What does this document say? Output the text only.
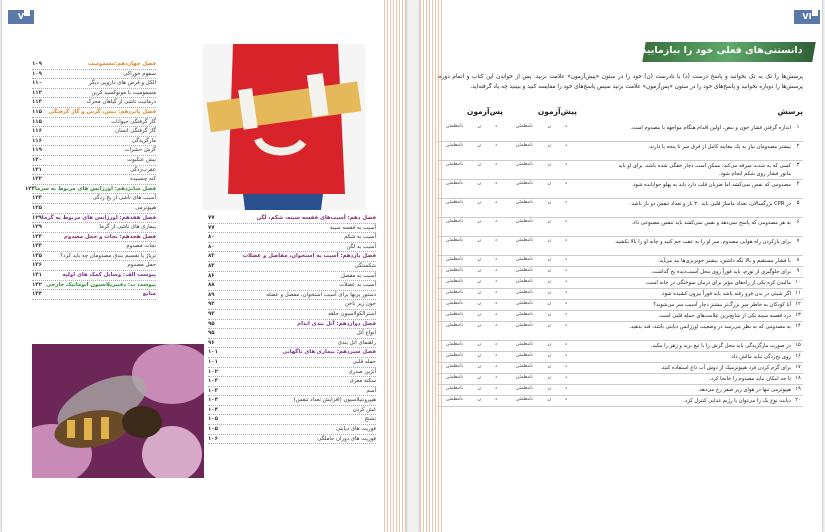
V
فصل چهاردهم:مسمومیت
۱۰۹
سموم خوراکی
۱۰۹
الکل و قرص های دارویی دیگر
۱۱۰
مسمومیت با مونوکسید کربن
۱۱۲
درماتیت ناشی از گیاهان محرک
۱۱۳
فصل پانزدهم: نیش، گزش و گاز گرفتگی
۱۱۵
گاز گرفتگی حیوانات
۱۱۵
گاز گرفتگی انسان
۱۱۶
مارگزیدگی
۱۱۶
گزش حشرات
۱۱۹
نیش عنکبوت
۱۲۰
عقرب‌زدگی
۱۲۱
کنه چسبیده
۱۲۲
فصل شانزدهم: اورژانس های مربوط به سرما
۱۲۳
آسیب های ناشی از یخ زدگی
۱۲۳
هیپوترمی
۱۲۵
فصل هفدهم: اورژانس های مربوط به گرما
۱۲۹
بیماری های ناشی از گرما
۱۲۹
فصل هجدهم: نجات و حمل مصدوم
۱۳۳
نجات مصدوم
۱۳۳
تریاژ یا تقسیم بندی مصدومان چه باید کرد؟
۱۳۵
حمل مصدوم
۱۳۶
پیوست الف: وسایل کمک های اولیه
۱۴۱
پیوست ب: دفیبریلاسیون اتوماتیک خارجی
۱۴۲
منابع
۱۴۴
فصل دهم: آسیب‌های قفسه سینه، شکم، لگن
۷۷
آسیب به قفسه سینه
۷۷
آسیب به شکم
۸۰
آسیب به لگن
۸۰
فصل یازدهم: آسیب به استخوان، مفاصل و عضلات
۸۳
شکستگی
۸۳
آسیب به مفصل
۸۶
آسیب به عضلات
۸۸
دستور پریها برای آسیب استخوان، مفصل و عضله
۸۹
خون زیر ناخن
۹۲
استرالکولاسیون حلقه
۹۳
فصل دوازدهم: آتل بندی اندام
۹۵
انواع آتل
۹۵
راهنمای آتل بندی
۹۶
فصل سیزدهم: بیماری های ناگهانی
۱۰۱
حمله قلبی
۱۰۱
آنژین صدری
۱۰۲
سکته مغزی
۱۰۳
آسم
۱۰۳
هیپرونتیلاسیون (افزایش تعداد تنفس)
۱۰۴
غش کردن
۱۰۴
تشنج
۱۰۵
فوریت های دیابتی
۱۰۵
فوریت های دوران حاملگی
۱۰۶
VI
دانستنی‌های فعلی خود را بیازمایید
پرسش‌ها را تک به تک بخوانید و پاسخ درست (د) یا نادرست (ن) خود را در ستون «پیش‌آزمون» علامت بزنید. پس از خواندن این کتاب و اتمام دوره، پرسش‌ها را دوباره بخوانید و پاسخ‌های خود را در ستون «پس‌آزمون» علامت بزنید سپس پاسخ‌های خود را مقایسه کنید و ببینید چه یاد گرفته‌اید.
پرسش
پیش‌آزمون
پس‌آزمون
۱
اندازه گرفتن فشار خون و نبض، اولین اقدام هنگام مواجهه با مصدوم است.
د
ن
نامطمئن
د
ن
نامطمئن
۲
بیشتر مصدومان نیاز به یک معاینه کامل از فرق سر تا پنجه پا دارند.
د
ن
نامطمئن
د
ن
نامطمئن
۳
کسی که به شدت سرفه می‌کند، ممکن است دچار خفگی شده باشد، برای او باید مانور فشار روی شکم انجام شود.
د
ن
نامطمئن
د
ن
نامطمئن
۴
مصدومی که نفس نمی‌کشد اما ضربان قلب دارد باید به پهلو خوابانده شود.
د
ن
نامطمئن
د
ن
نامطمئن
۵
در CPR بزرگسالان، تعداد ماساژ قلبی باید ۳۰ بار و تعداد تنفس دو بار باشد.
د
ن
نامطمئن
د
ن
نامطمئن
۶
به هر مصدومی که پاسخ نمی‌دهد و نفس نمی‌کشد باید تنفس مصنوعی داد.
د
ن
نامطمئن
د
ن
نامطمئن
۷
برای بازکردن راه هوایی مصدوم، سر او را به عقب خم کنید و چانه او را بالا بکشید.
د
ن
نامطمئن
د
ن
نامطمئن
۸
با فشار مستقیم و بالا نگه داشتن، بیشتر خونریزی‌ها بند می‌آید.
د
ن
نامطمئن
د
ن
نامطمئن
۹
برای جلوگیری از تورم، باید فوراً روی محل آسیب‌دیده یخ گذاشت.
د
ن
نامطمئن
د
ن
نامطمئن
۱۰
مالیدن کره یکی از راه‌های مؤثر برای درمان سوختگی در خانه است.
د
ن
نامطمئن
د
ن
نامطمئن
۱۱
اگر شیئی در بدن فرو رفته باشد باید فوراً بیرون کشیده شود.
د
ن
نامطمئن
د
ن
نامطمئن
۱۲
آیا کودکان به خاطر سرِ بزرگ‌تر بیشتر دچار آسیب سر می‌شوند؟
د
ن
نامطمئن
د
ن
نامطمئن
۱۳
درد قفسه سینه یکی از شایع‌ترین علامت‌های حمله قلبی است.
د
ن
نامطمئن
د
ن
نامطمئن
۱۴
به مصدومی که به نظر می‌رسد در وضعیت اورژانس دیابتی باشد، قند بدهید.
د
ن
نامطمئن
د
ن
نامطمئن
۱۵
در صورت مارگزیدگی باید محل گزش را با تیغ برید و زهر را مکید.
د
ن
نامطمئن
د
ن
نامطمئن
۱۶
روی یخ‌زدگی نباید مالش داد.
د
ن
نامطمئن
د
ن
نامطمئن
۱۷
برای گرم کردن فرد هیپوترمیک از دوش آب داغ استفاده کنید.
د
ن
نامطمئن
د
ن
نامطمئن
۱۸
تا حد امکان نباید مصدوم را جابجا کرد.
د
ن
نامطمئن
د
ن
نامطمئن
۱۹
هیپوترمی تنها در هوای زیر صفر رخ می‌دهد.
د
ن
نامطمئن
د
ن
نامطمئن
۲۰
دیابت نوع یک را می‌توان با رژیم غذایی کنترل کرد.
د
ن
نامطمئن
د
ن
نامطمئن
